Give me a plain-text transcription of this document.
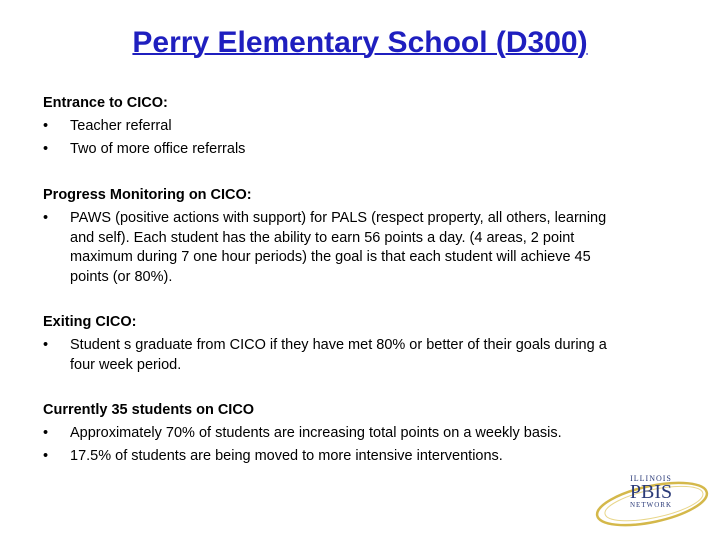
Perry Elementary School (D300)
Entrance to CICO:
•	Teacher referral
•	Two of more office referrals
Progress Monitoring on CICO:
•	PAWS (positive actions with support) for PALS (respect property, all others, learning
and self). Each student has the ability to earn 56 points a day. (4 areas, 2 point
maximum during 7 one hour periods) the goal is that each student will achieve 45
points (or 80%).
Exiting CICO:
•	Student s graduate from CICO if they have met 80% or better of their goals during a
four week period.
Currently 35 students on CICO
•	Approximately 70% of students are increasing total points on a weekly basis.
•	17.5% of students are being moved to more intensive interventions.
ILLINOIS
PBIS
NETWORK
